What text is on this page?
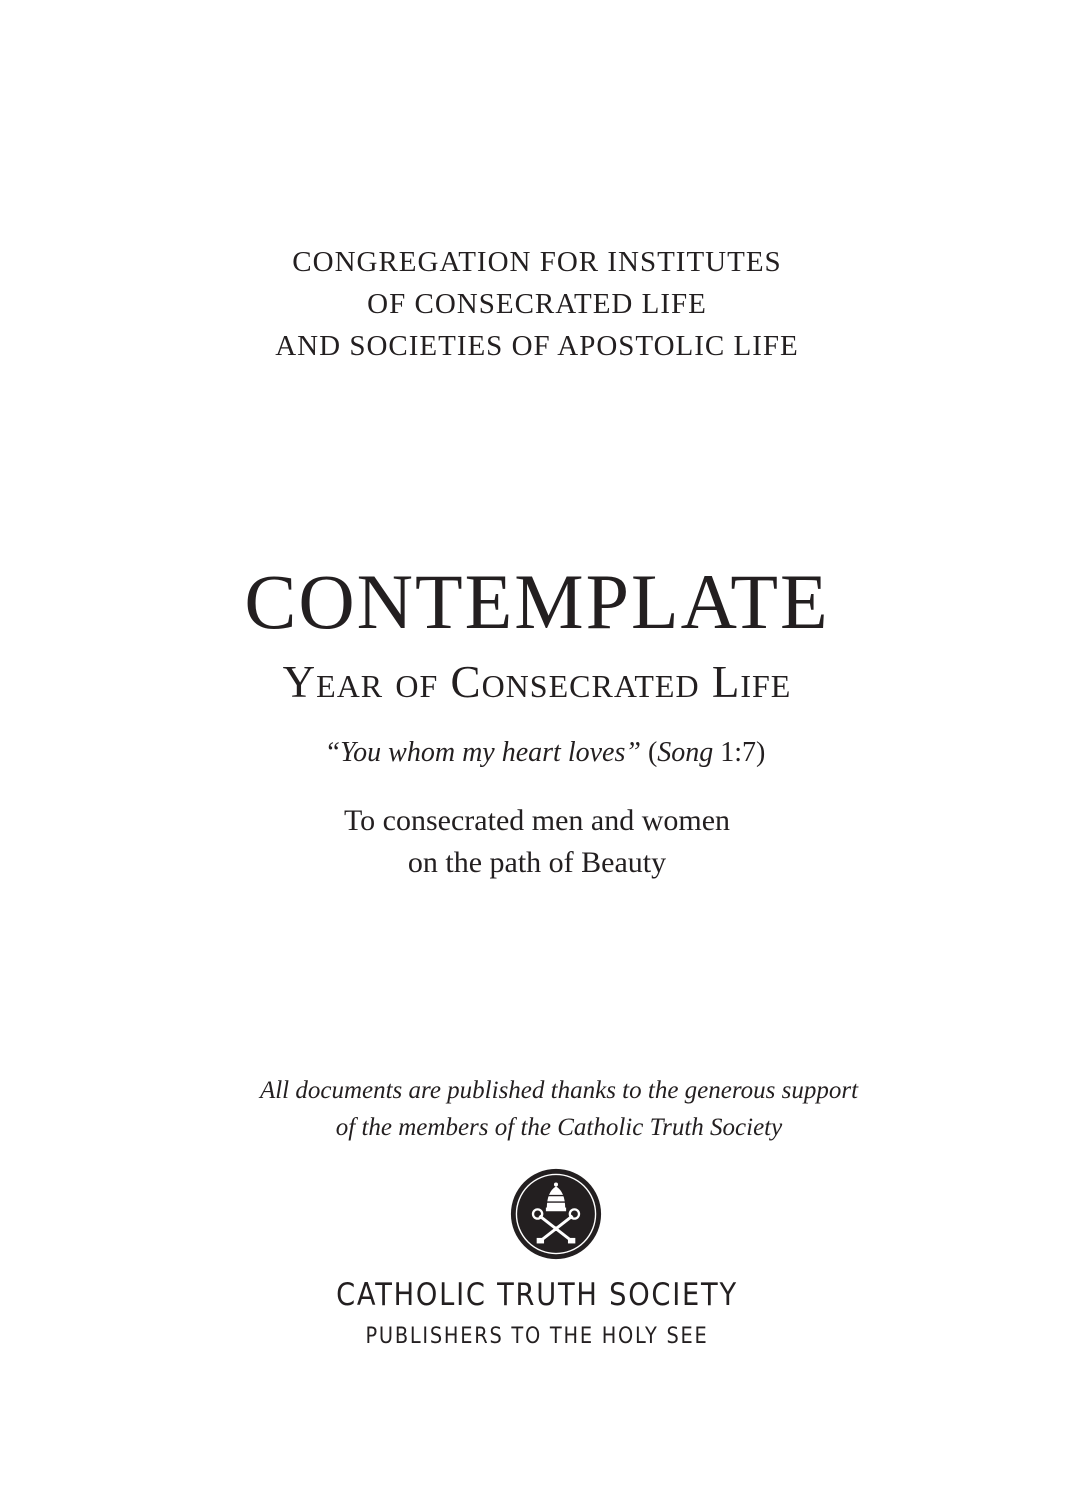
CONGREGATION FOR INSTITUTES
OF CONSECRATED LIFE
AND SOCIETIES OF APOSTOLIC LIFE
CONTEMPLATE
Year of Consecrated Life
“You whom my heart loves” (Song 1:7)
To consecrated men and women
on the path of Beauty
All documents are published thanks to the generous support
of the members of the Catholic Truth Society
CATHOLIC TRUTH SOCIETY
PUBLISHERS TO THE HOLY SEE
